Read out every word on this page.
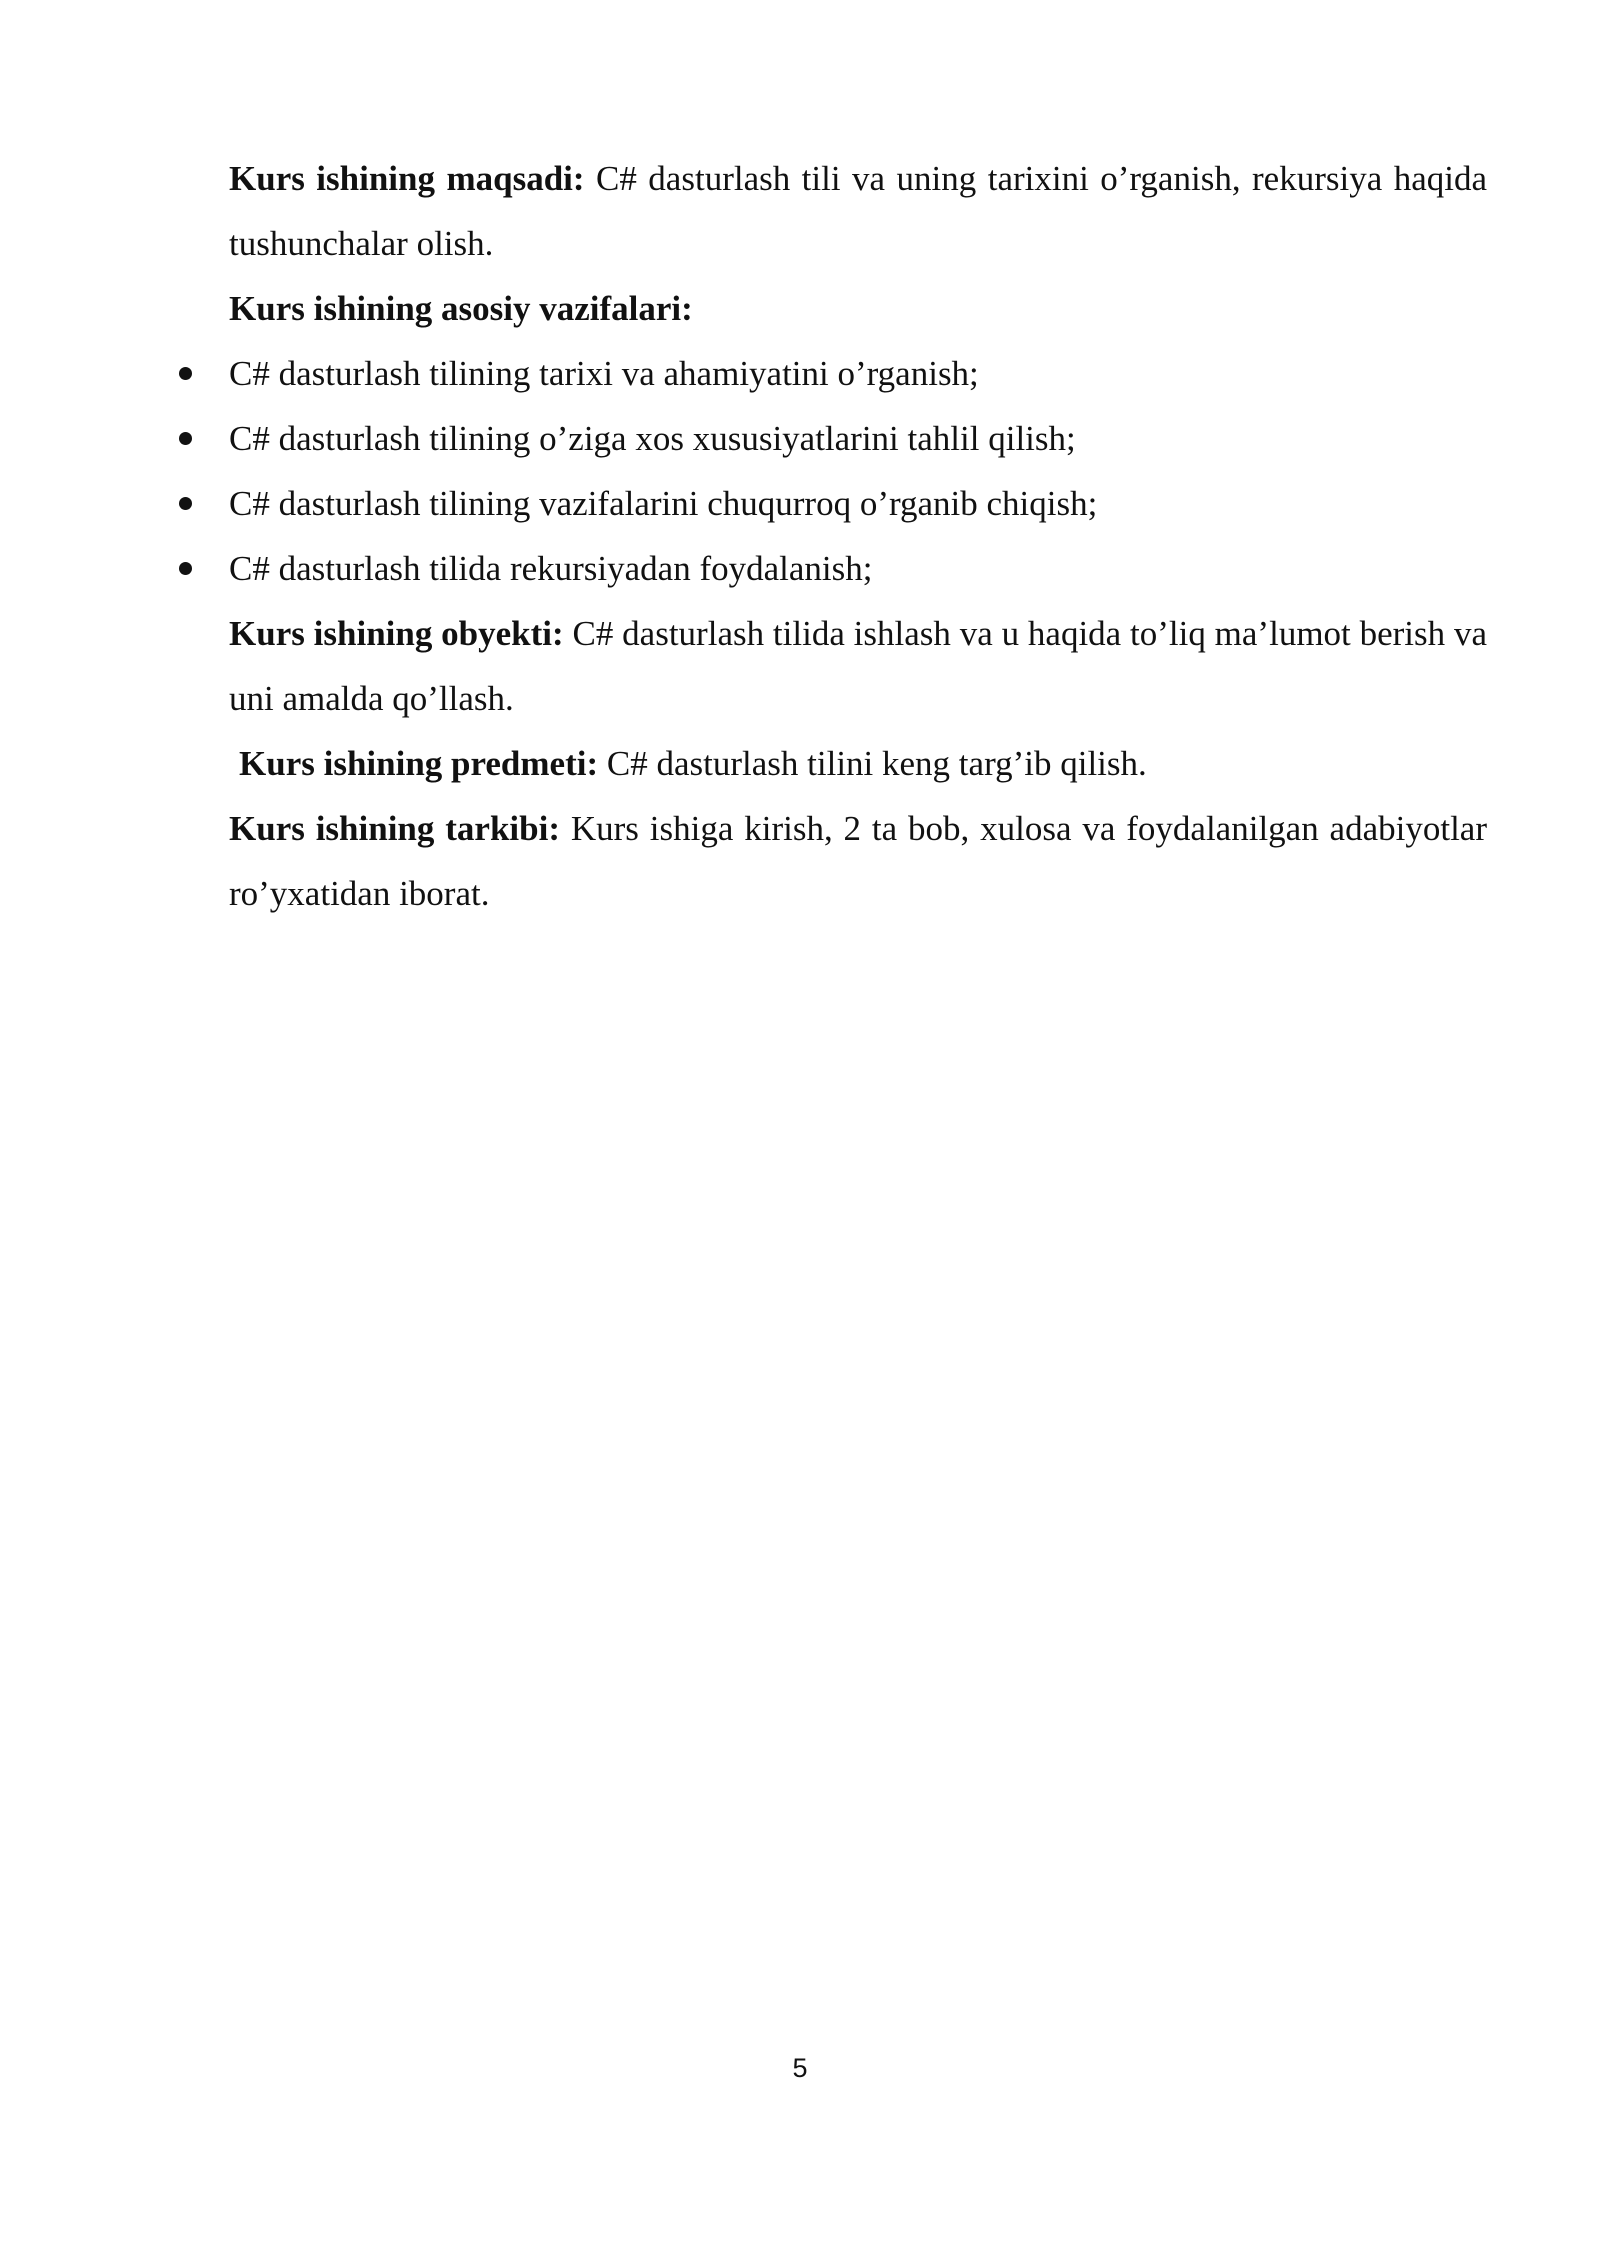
Kurs ishining maqsadi: C# dasturlash tili va uning tarixini o’rganish, rekursiya haqida tushunchalar olish.

Kurs ishining asosiy vazifalari:

C# dasturlash tilining tarixi va ahamiyatini o’rganish;
C# dasturlash tilining o’ziga xos xususiyatlarini tahlil qilish;
C# dasturlash tilining vazifalarini chuqurroq o’rganib chiqish;
C# dasturlash tilida rekursiyadan foydalanish;

Kurs ishining obyekti: C# dasturlash tilida ishlash va u haqida to’liq ma’lumot berish va uni amalda qo’llash.

Kurs ishining predmeti: C# dasturlash tilini keng targ’ib qilish.

Kurs ishining tarkibi: Kurs ishiga kirish, 2 ta bob, xulosa va foydalanilgan adabiyotlar ro’yxatidan iborat.

5
